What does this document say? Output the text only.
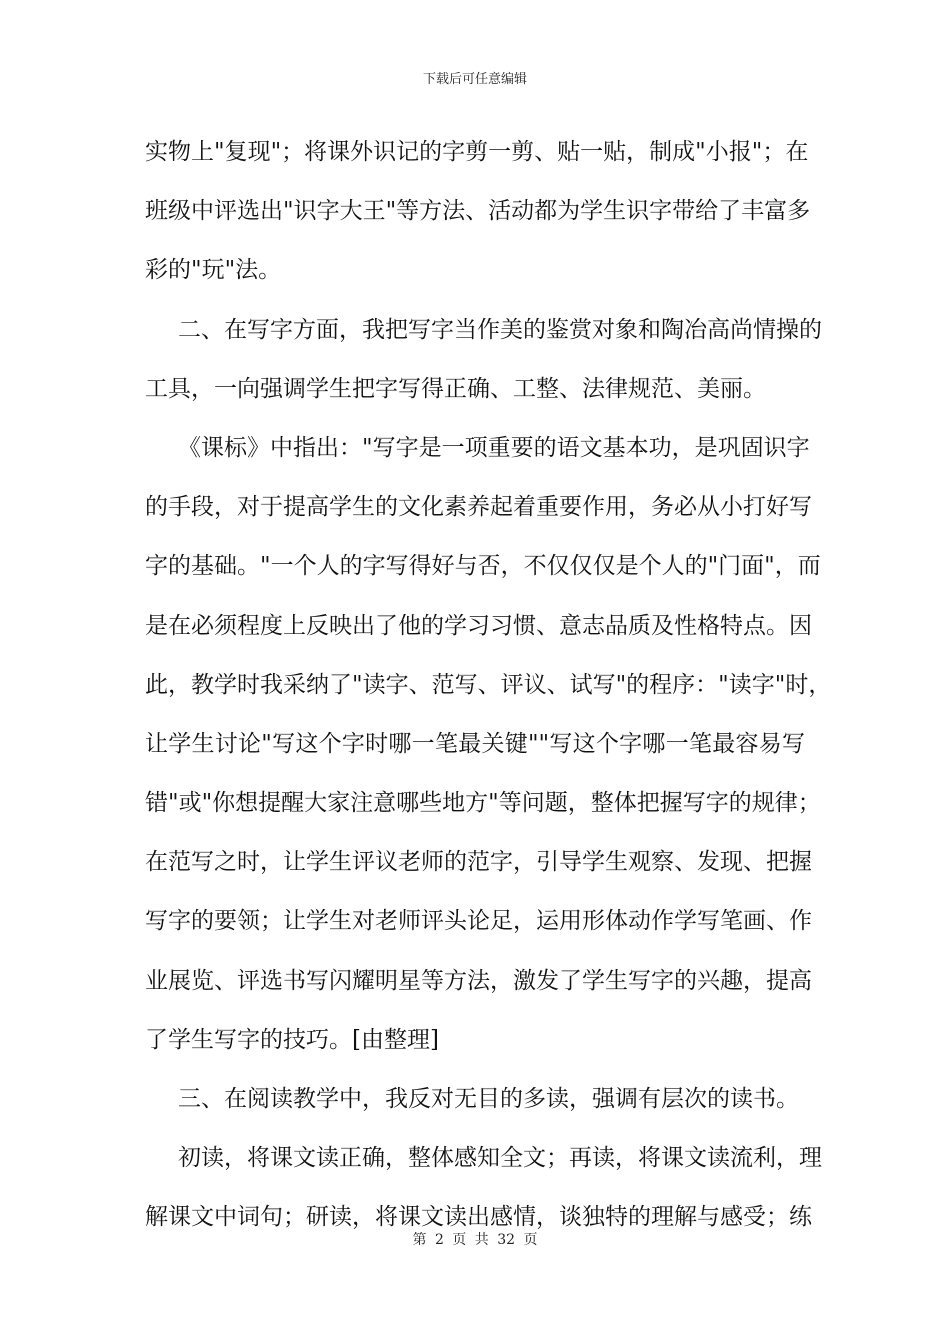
下载后可任意编辑
实物上"复现"；将课外识记的字剪一剪、贴一贴，制成"小报"；在
班级中评选出"识字大王"等方法、活动都为学生识字带给了丰富多
彩的"玩"法。
二、在写字方面，我把写字当作美的鉴赏对象和陶冶高尚情操的
工具，一向强调学生把字写得正确、工整、法律规范、美丽。
《课标》中指出："写字是一项重要的语文基本功，是巩固识字
的手段，对于提高学生的文化素养起着重要作用，务必从小打好写
字的基础。"一个人的字写得好与否，不仅仅仅是个人的"门面"，而
是在必须程度上反映出了他的学习习惯、意志品质及性格特点。因
此，教学时我采纳了"读字、范写、评议、试写"的程序："读字"时，
让学生讨论"写这个字时哪一笔最关键""写这个字哪一笔最容易写
错"或"你想提醒大家注意哪些地方"等问题，整体把握写字的规律；
在范写之时，让学生评议老师的范字，引导学生观察、发现、把握
写字的要领；让学生对老师评头论足，运用形体动作学写笔画、作
业展览、评选书写闪耀明星等方法，激发了学生写字的兴趣，提高
了学生写字的技巧。[由整理]
三、在阅读教学中，我反对无目的多读，强调有层次的读书。
初读，将课文读正确，整体感知全文；再读，将课文读流利，理
解课文中词句；研读，将课文读出感情，谈独特的理解与感受；练
第 2 页 共 32 页
